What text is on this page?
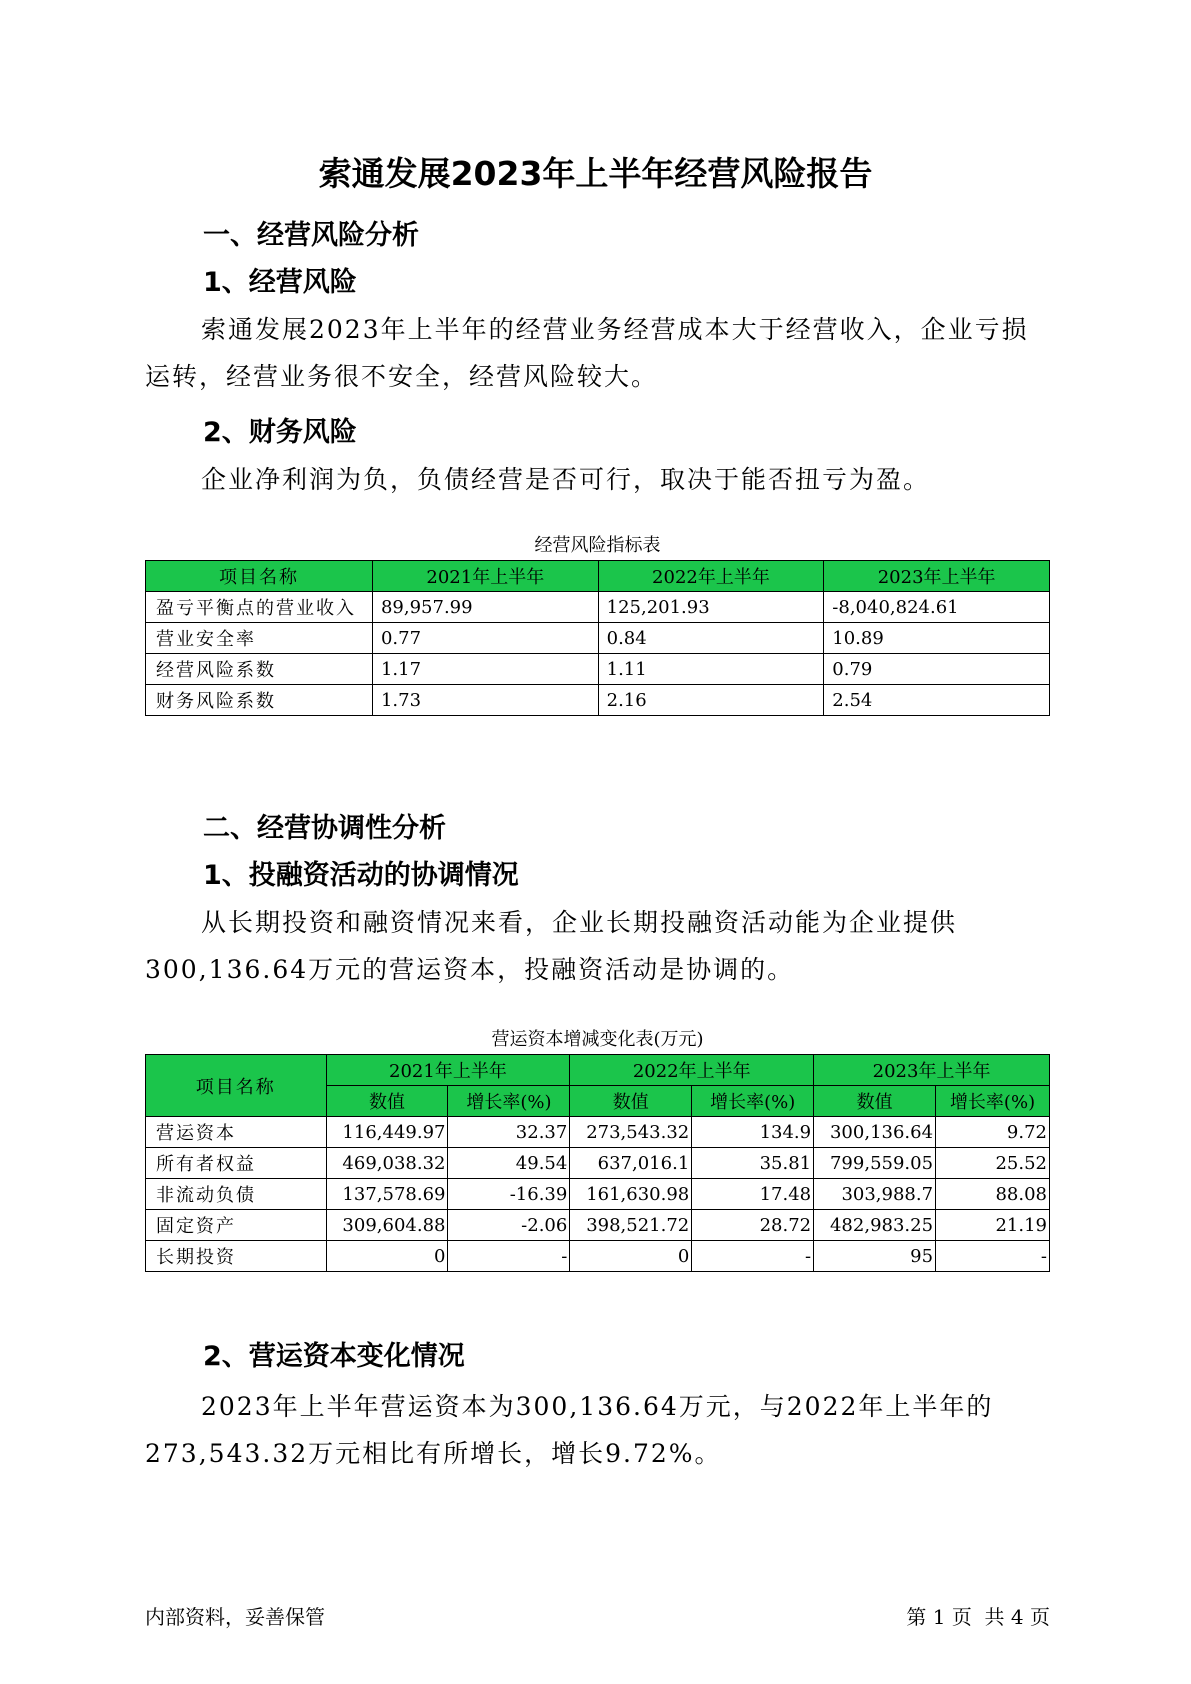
索通发展2023年上半年经营风险报告
一、经营风险分析
1、经营风险
索通发展2023年上半年的经营业务经营成本大于经营收入，企业亏损
运转，经营业务很不安全，经营风险较大。
2、财务风险
企业净利润为负，负债经营是否可行，取决于能否扭亏为盈。
经营风险指标表
项目名称	2021年上半年	2022年上半年	2023年上半年
盈亏平衡点的营业收入	89,957.99	125,201.93	-8,040,824.61
营业安全率	0.77	0.84	10.89
经营风险系数	1.17	1.11	0.79
财务风险系数	1.73	2.16	2.54
二、经营协调性分析
1、投融资活动的协调情况
从长期投资和融资情况来看，企业长期投融资活动能为企业提供
300,136.64万元的营运资本，投融资活动是协调的。
营运资本增减变化表(万元)
项目名称	2021年上半年		2022年上半年		2023年上半年	
	数值	增长率(%)	数值	增长率(%)	数值	增长率(%)
营运资本	116,449.97	32.37	273,543.32	134.9	300,136.64	9.72
所有者权益	469,038.32	49.54	637,016.1	35.81	799,559.05	25.52
非流动负债	137,578.69	-16.39	161,630.98	17.48	303,988.7	88.08
固定资产	309,604.88	-2.06	398,521.72	28.72	482,983.25	21.19
长期投资	0	-	0	-	95	-
2、营运资本变化情况
2023年上半年营运资本为300,136.64万元，与2022年上半年的
273,543.32万元相比有所增长，增长9.72%。
内部资料，妥善保管	第 1 页  共 4 页
